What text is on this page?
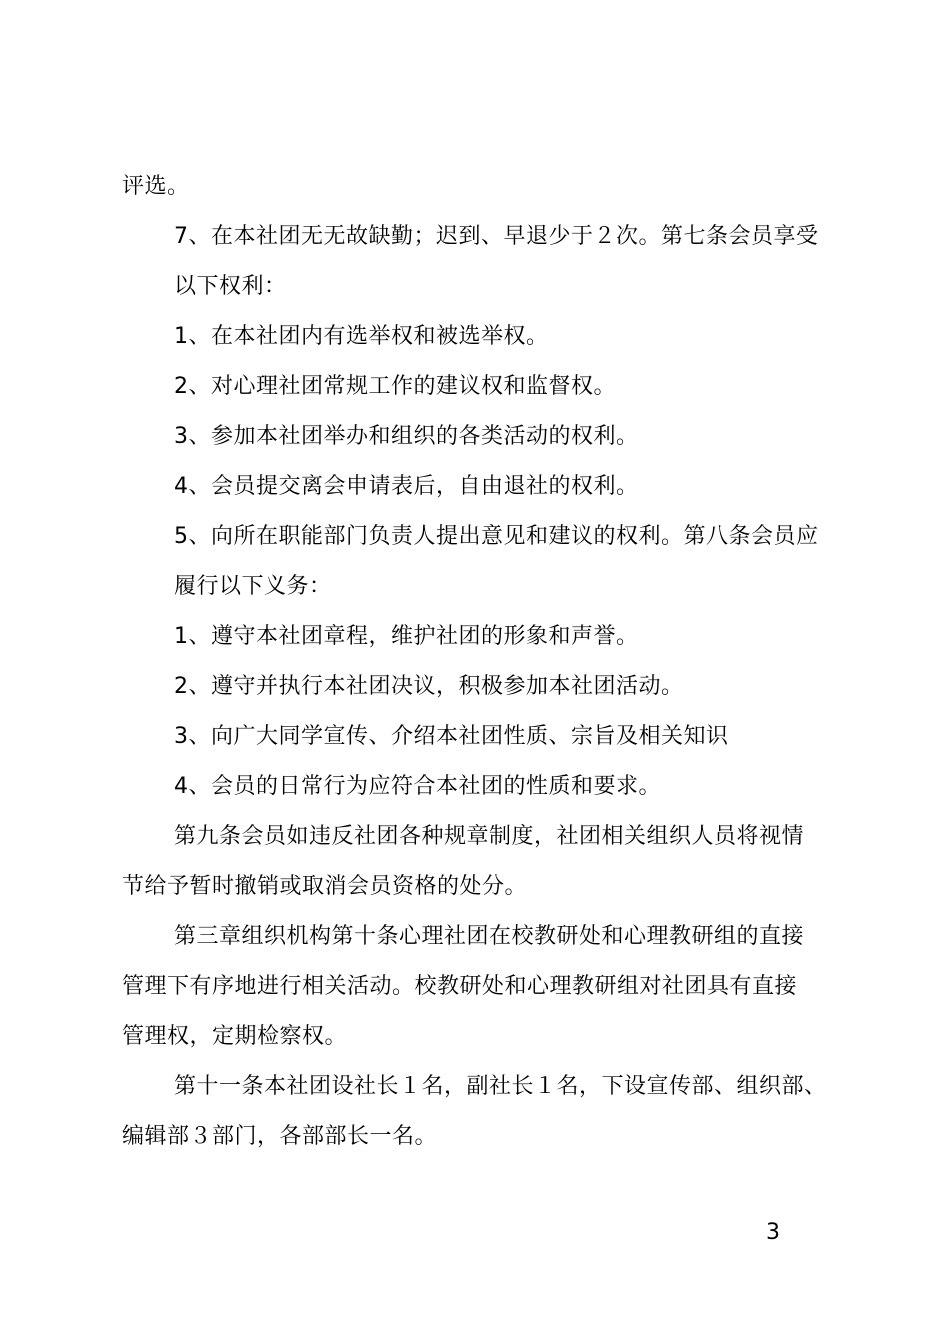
评选。
7、在本社团无无故缺勤；迟到、早退少于２次。第七条会员享受
以下权利：
1、在本社团内有选举权和被选举权。
2、对心理社团常规工作的建议权和监督权。
3、参加本社团举办和组织的各类活动的权利。
4、会员提交离会申请表后，自由退社的权利。
5、向所在职能部门负责人提出意见和建议的权利。第八条会员应
履行以下义务：
1、遵守本社团章程，维护社团的形象和声誉。
2、遵守并执行本社团决议，积极参加本社团活动。
3、向广大同学宣传、介绍本社团性质、宗旨及相关知识
4、会员的日常行为应符合本社团的性质和要求。
第九条会员如违反社团各种规章制度，社团相关组织人员将视情
节给予暂时撤销或取消会员资格的处分。
第三章组织机构第十条心理社团在校教研处和心理教研组的直接
管理下有序地进行相关活动。校教研处和心理教研组对社团具有直接
管理权，定期检察权。
第十一条本社团设社长１名，副社长１名，下设宣传部、组织部、
编辑部３部门，各部部长一名。
3
